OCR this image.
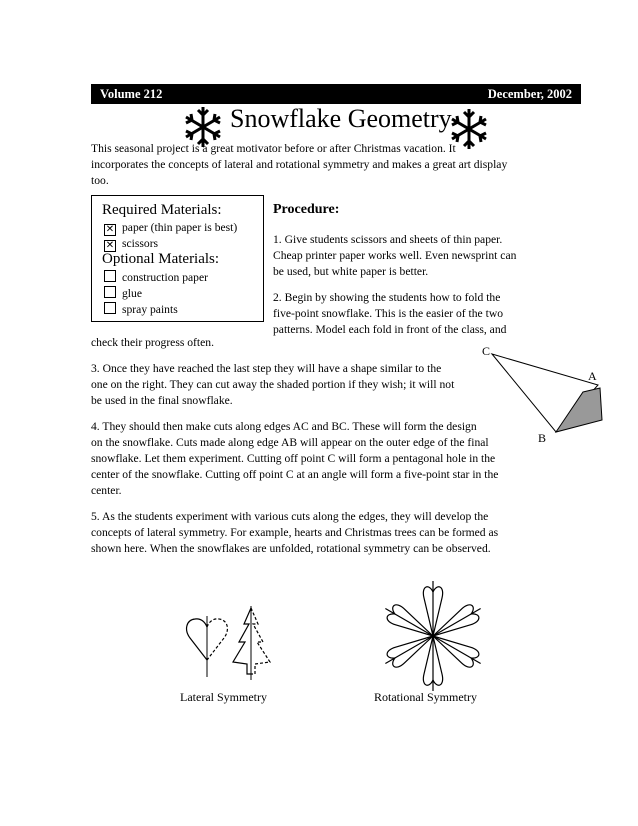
Volume 212	December, 2002
Snowflake Geometry
This seasonal project is a great motivator before or after Christmas vacation. It
incorporates the concepts of lateral and rotational symmetry and makes a great art display
too.
Required Materials:
✕ paper (thin paper is best)
✕ scissors
Optional Materials:
construction paper
glue
spray paints
Procedure:
1. Give students scissors and sheets of thin paper.
Cheap printer paper works well. Even newsprint can
be used, but white paper is better.
2. Begin by showing the students how to fold the
five-point snowflake. This is the easier of the two
patterns. Model each fold in front of the class, and
check their progress often.
3. Once they have reached the last step they will have a shape similar to the
one on the right. They can cut away the shaded portion if they wish; it will not
be used in the final snowflake.
4. They should then make cuts along edges AC and BC. These will form the design
on the snowflake. Cuts made along edge AB will appear on the outer edge of the final
snowflake. Let them experiment. Cutting off point C will form a pentagonal hole in the
center of the snowflake. Cutting off point C at an angle will form a five-point star in the
center.
5. As the students experiment with various cuts along the edges, they will develop the
concepts of lateral symmetry. For example, hearts and Christmas trees can be formed as
shown here. When the snowflakes are unfolded, rotational symmetry can be observed.
C
A
B
Lateral Symmetry	Rotational Symmetry
